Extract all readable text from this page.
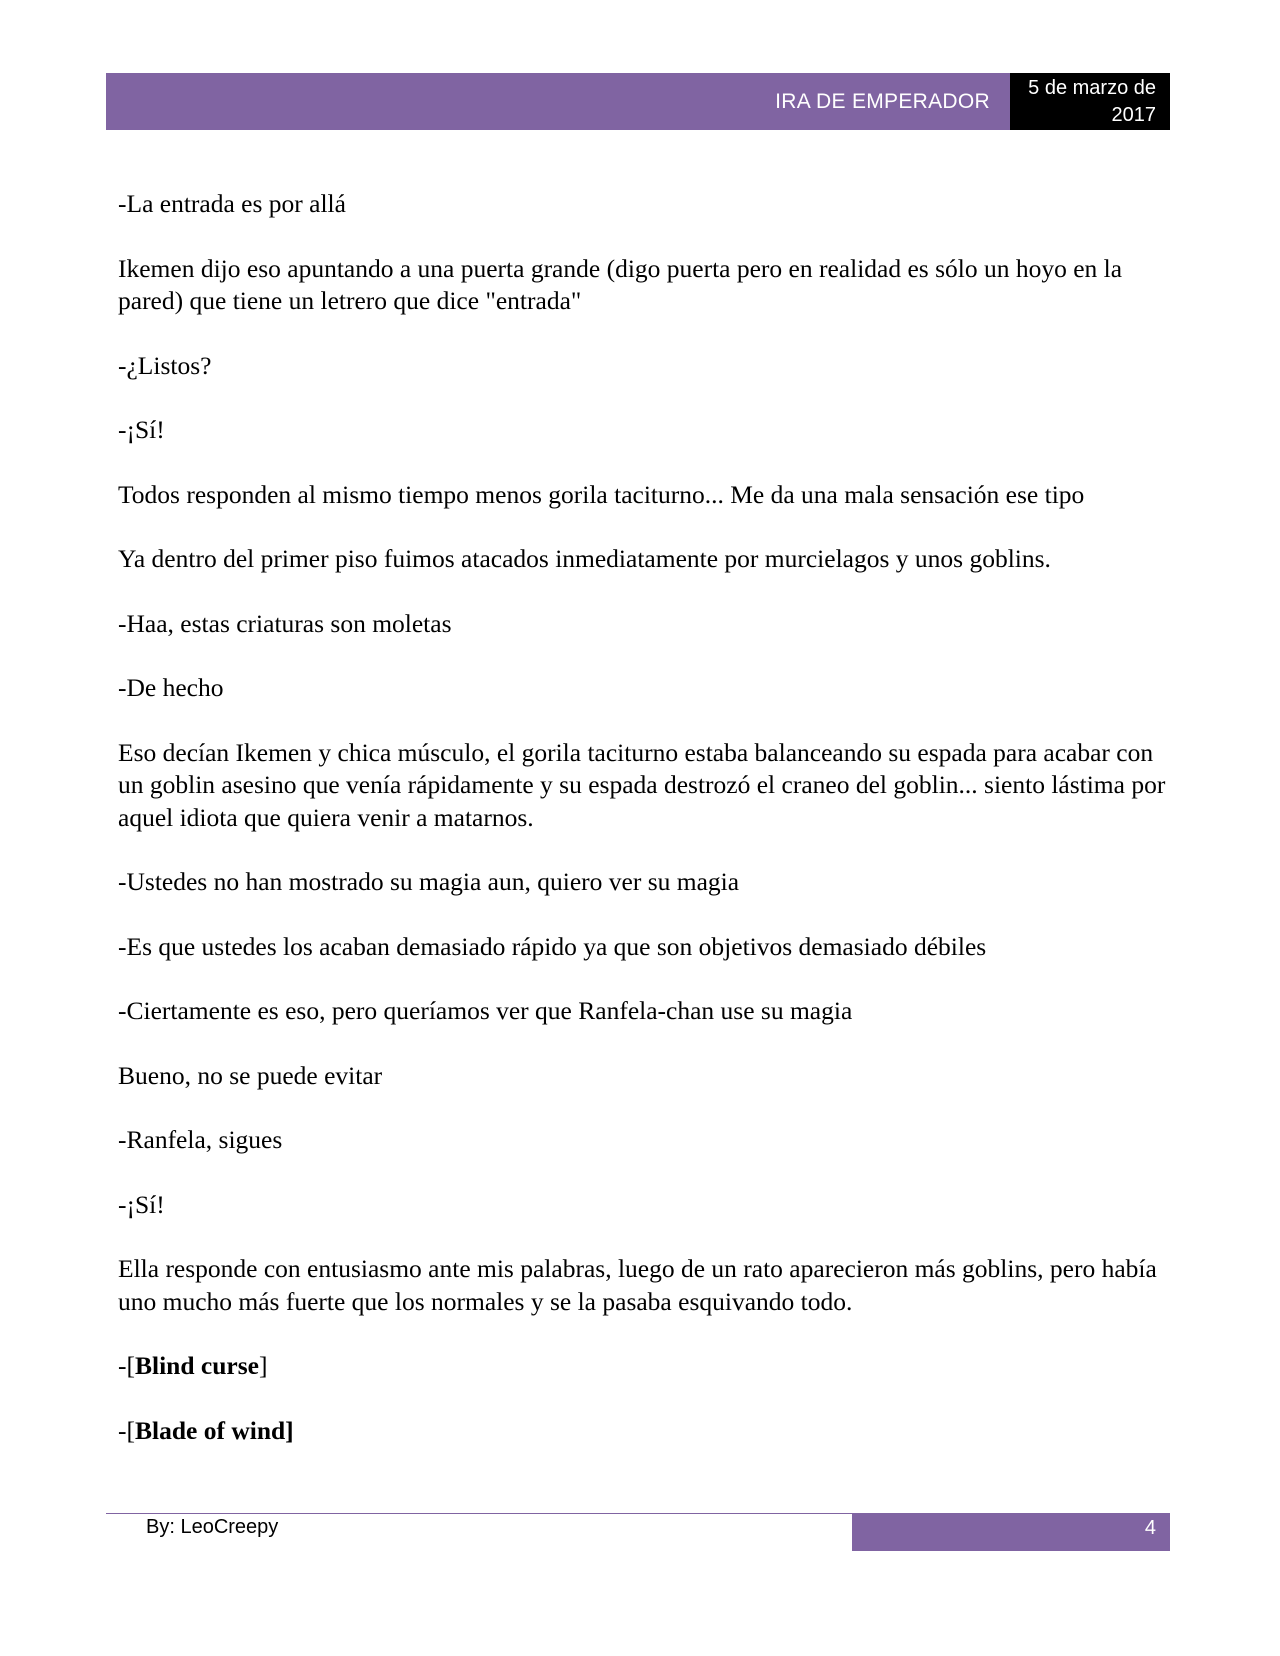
IRA DE EMPERADOR
5 de marzo de
2017

-La entrada es por allá

Ikemen dijo eso apuntando a una puerta grande (digo puerta pero en realidad es sólo un hoyo en la pared) que tiene un letrero que dice "entrada"

-¿Listos?

-¡Sí!

Todos responden al mismo tiempo menos gorila taciturno... Me da una mala sensación ese tipo

Ya dentro del primer piso fuimos atacados inmediatamente por murcielagos y unos goblins.

-Haa, estas criaturas son moletas

-De hecho

Eso decían Ikemen y chica músculo, el gorila taciturno estaba balanceando su espada para acabar con un goblin asesino que venía rápidamente y su espada destrozó el craneo del goblin... siento lástima por aquel idiota que quiera venir a matarnos.

-Ustedes no han mostrado su magia aun, quiero ver su magia

-Es que ustedes los acaban demasiado rápido ya que son objetivos demasiado débiles

-Ciertamente es eso, pero queríamos ver que Ranfela-chan use su magia

Bueno, no se puede evitar

-Ranfela, sigues

-¡Sí!

Ella responde con entusiasmo ante mis palabras, luego de un rato aparecieron más goblins, pero había uno mucho más fuerte que los normales y se la pasaba esquivando todo.

-[Blind curse]

-[Blade of wind]

By: LeoCreepy	4
